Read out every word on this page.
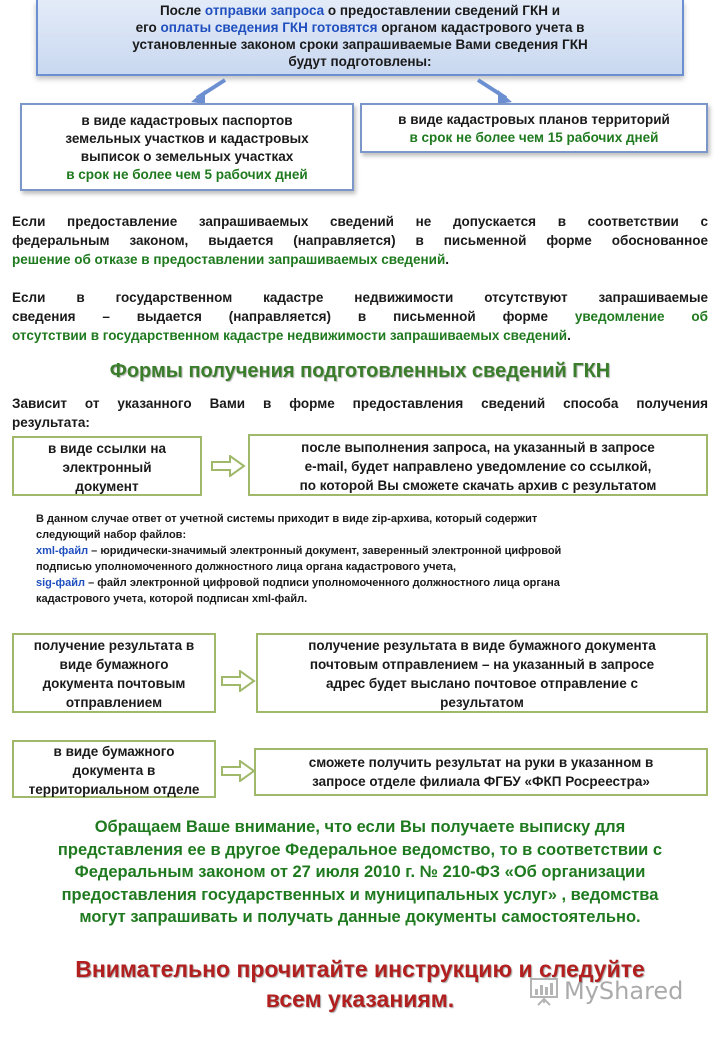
После отправки запроса о предоставлении сведений ГКН и
его оплаты сведения ГКН готовятся органом кадастрового учета в
установленные законом сроки запрашиваемые Вами сведения ГКН
будут подготовлены:
в виде кадастровых паспортов
земельных участков и кадастровых
выписок о земельных участках
в срок не более чем 5 рабочих дней
в виде кадастровых планов территорий
в срок не более чем 15 рабочих дней
Если предоставление запрашиваемых сведений не допускается в соответствии с
федеральным законом, выдается (направляется) в письменной форме обоснованное
решение об отказе в предоставлении запрашиваемых сведений.
Если в государственном кадастре недвижимости отсутствуют запрашиваемые
сведения – выдается (направляется) в письменной форме уведомление об
отсутствии в государственном кадастре недвижимости запрашиваемых сведений.
Формы получения подготовленных сведений ГКН
Зависит от указанного Вами в форме предоставления сведений способа получения
результата:
в виде ссылки на
электронный
документ
после выполнения запроса, на указанный в запросе
e-mail, будет направлено уведомление со ссылкой,
по которой Вы сможете скачать архив с результатом
В данном случае ответ от учетной системы приходит в виде zip-архива, который содержит
следующий набор файлов:
xml-файл – юридически-значимый электронный документ, заверенный электронной цифровой
подписью уполномоченного должностного лица органа кадастрового учета,
sig-файл – файл электронной цифровой подписи уполномоченного должностного лица органа
кадастрового учета, которой подписан xml-файл.
получение результата в
виде бумажного
документа почтовым
отправлением
получение результата в виде бумажного документа
почтовым отправлением – на указанный в запросе
адрес будет выслано почтовое отправление с
результатом
в виде бумажного
документа в
территориальном отделе
сможете получить результат на руки в указанном в
запросе отделе филиала ФГБУ «ФКП Росреестра»
Обращаем Ваше внимание, что если Вы получаете выписку для
представления ее в другое Федеральное ведомство, то в соответствии с
Федеральным законом от 27 июля 2010 г. № 210-ФЗ «Об организации
предоставления государственных и муниципальных услуг» , ведомства
могут запрашивать и получать данные документы самостоятельно.
Внимательно прочитайте инструкцию и следуйте
всем указаниям.	MyShared
